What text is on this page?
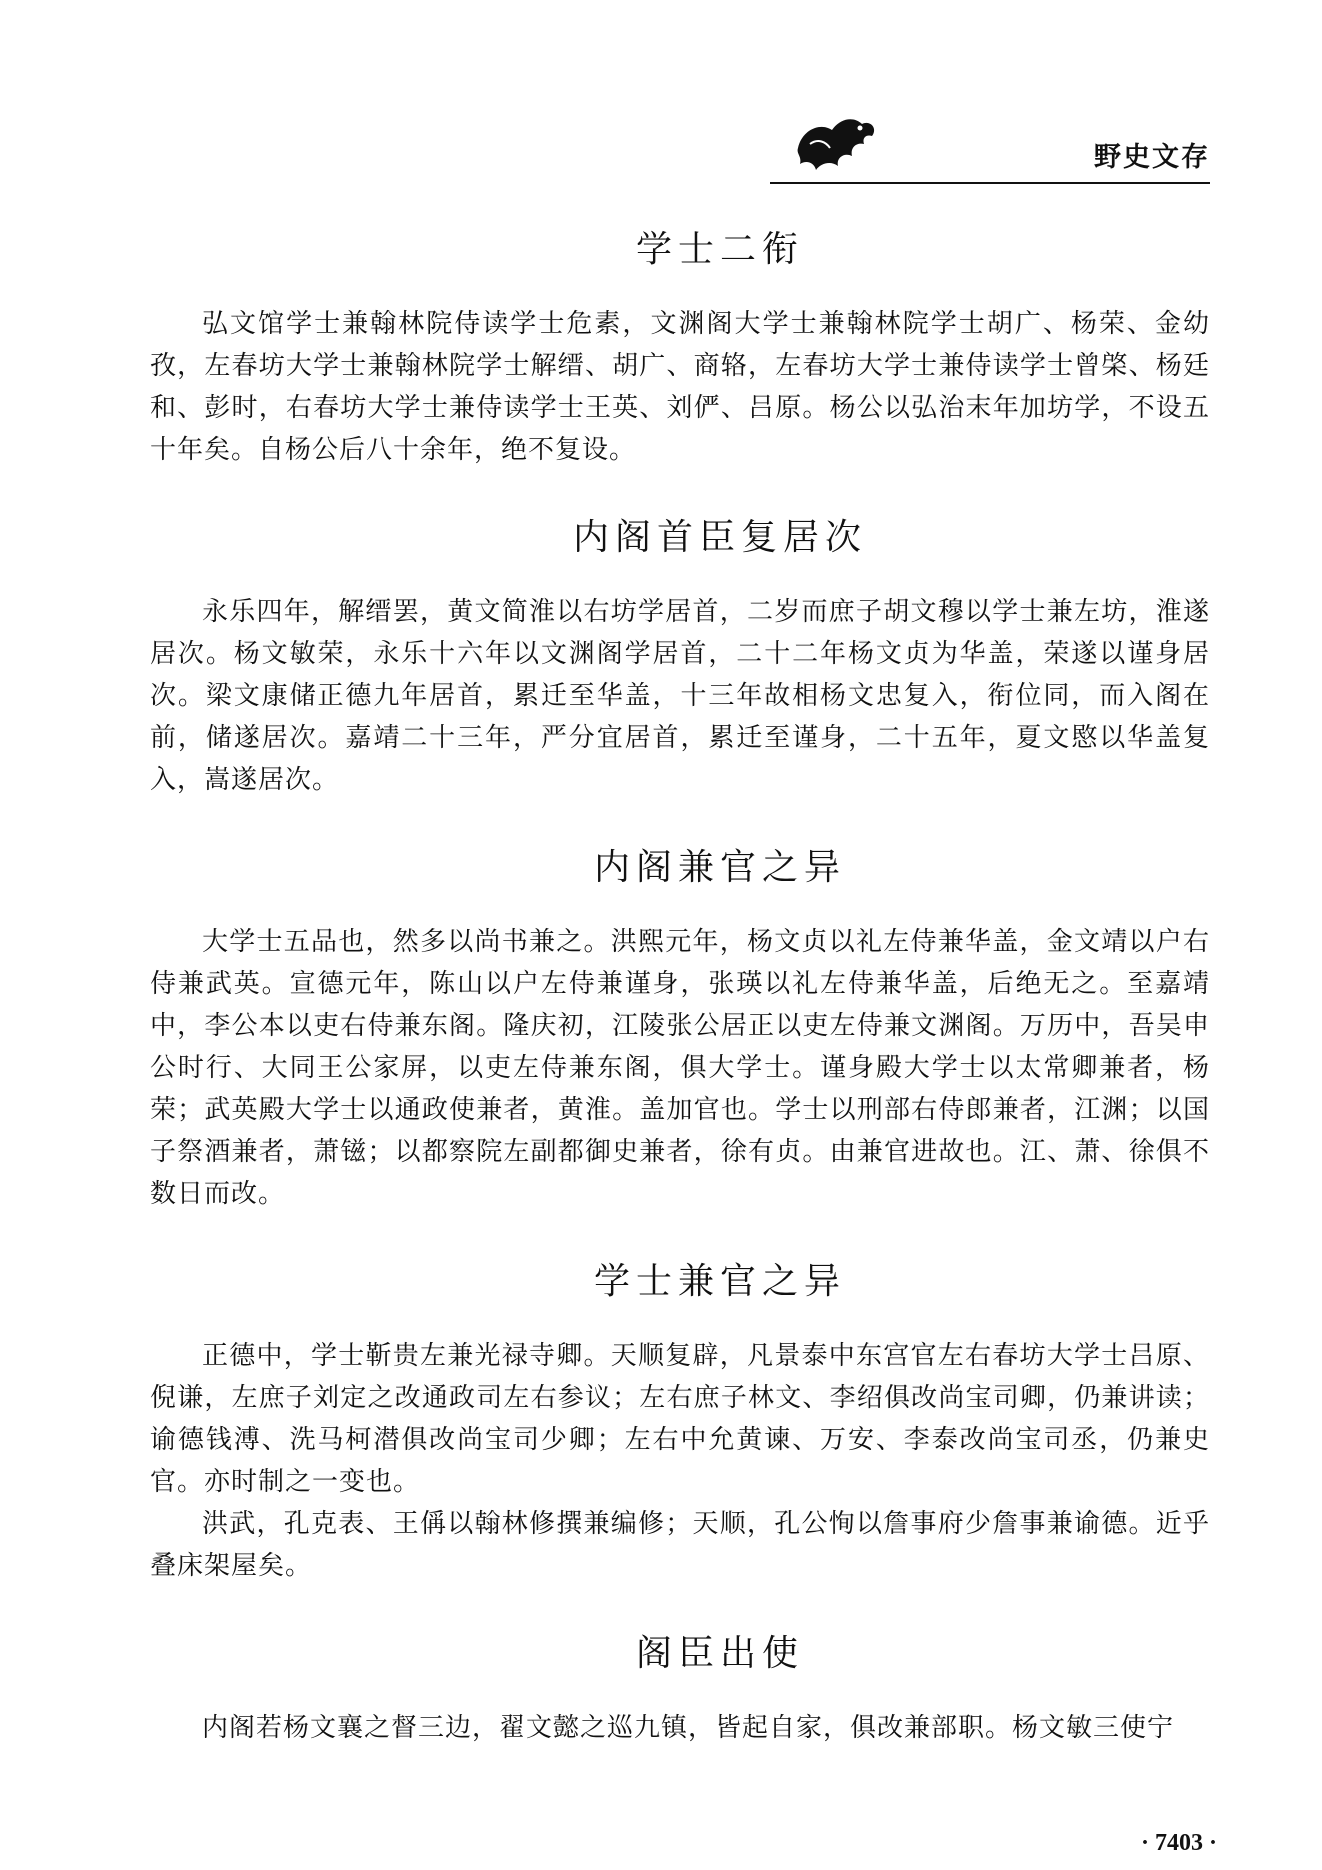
野史文存
学士二衔

弘文馆学士兼翰林院侍读学士危素，文渊阁大学士兼翰林院学士胡广、杨荣、金幼孜，左春坊大学士兼翰林院学士解缙、胡广、商辂，左春坊大学士兼侍读学士曾棨、杨廷和、彭时，右春坊大学士兼侍读学士王英、刘俨、吕原。杨公以弘治末年加坊学，不设五十年矣。自杨公后八十余年，绝不复设。

内阁首臣复居次

永乐四年，解缙罢，黄文简淮以右坊学居首，二岁而庶子胡文穆以学士兼左坊，淮遂居次。杨文敏荣，永乐十六年以文渊阁学居首，二十二年杨文贞为华盖，荣遂以谨身居次。梁文康储正德九年居首，累迁至华盖，十三年故相杨文忠复入，衔位同，而入阁在前，储遂居次。嘉靖二十三年，严分宜居首，累迁至谨身，二十五年，夏文愍以华盖复入，嵩遂居次。

内阁兼官之异

大学士五品也，然多以尚书兼之。洪熙元年，杨文贞以礼左侍兼华盖，金文靖以户右侍兼武英。宣德元年，陈山以户左侍兼谨身，张瑛以礼左侍兼华盖，后绝无之。至嘉靖中，李公本以吏右侍兼东阁。隆庆初，江陵张公居正以吏左侍兼文渊阁。万历中，吾吴申公时行、大同王公家屏，以吏左侍兼东阁，俱大学士。谨身殿大学士以太常卿兼者，杨荣；武英殿大学士以通政使兼者，黄淮。盖加官也。学士以刑部右侍郎兼者，江渊；以国子祭酒兼者，萧镃；以都察院左副都御史兼者，徐有贞。由兼官进故也。江、萧、徐俱不数日而改。

学士兼官之异

正德中，学士靳贵左兼光禄寺卿。天顺复辟，凡景泰中东宫官左右春坊大学士吕原、倪谦，左庶子刘定之改通政司左右参议；左右庶子林文、李绍俱改尚宝司卿，仍兼讲读；谕德钱溥、洗马柯潜俱改尚宝司少卿；左右中允黄谏、万安、李泰改尚宝司丞，仍兼史官。亦时制之一变也。

洪武，孔克表、王偁以翰林修撰兼编修；天顺，孔公恂以詹事府少詹事兼谕德。近乎叠床架屋矣。

阁臣出使

内阁若杨文襄之督三边，翟文懿之巡九镇，皆起自家，俱改兼部职。杨文敏三使宁

· 7403 ·
